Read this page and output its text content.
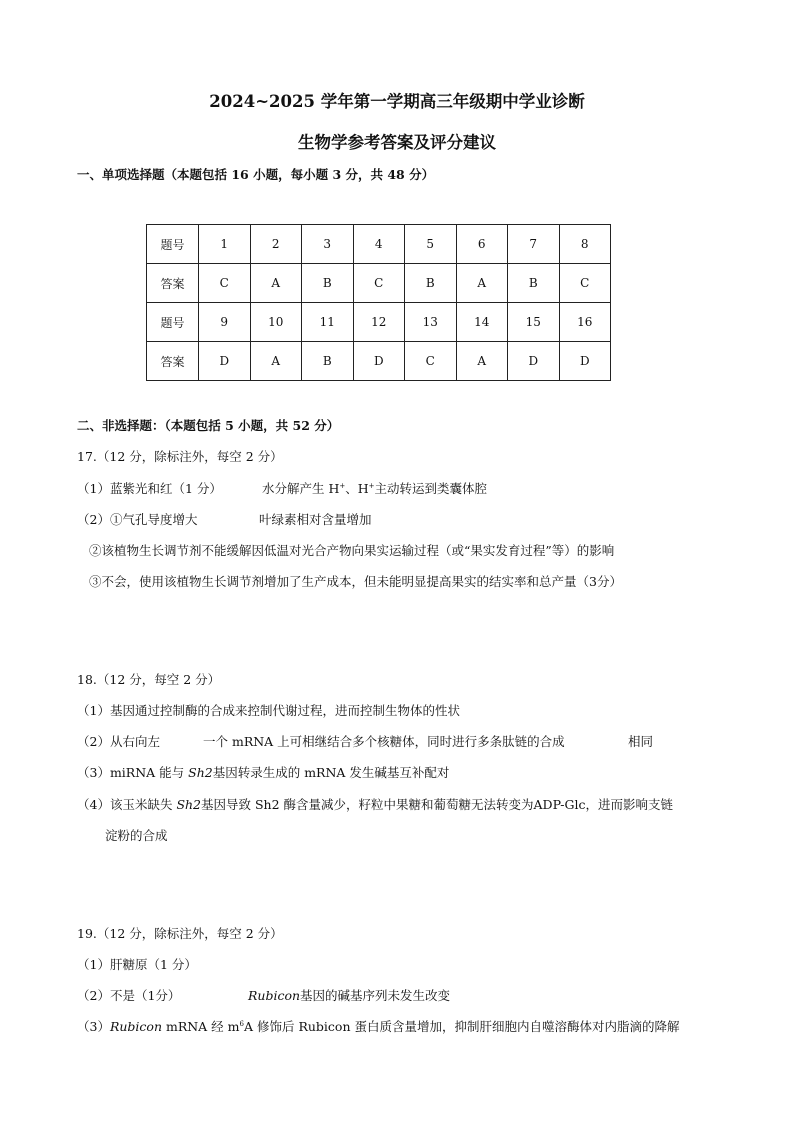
2024~2025 学年第一学期高三年级期中学业诊断
生物学参考答案及评分建议
一、单项选择题（本题包括 16 小题，每小题 3 分，共 48 分）
题号	1	2	3	4	5	6	7	8
答案	C	A	B	C	B	A	B	C
题号	9	10	11	12	13	14	15	16
答案	D	A	B	D	C	A	D	D
二、非选择题：（本题包括 5 小题，共 52 分）
17.（12 分，除标注外，每空 2 分）
（1）蓝紫光和红（1 分）	水分解产生 H+、H+主动转运到类囊体腔
（2）①气孔导度增大	叶绿素相对含量增加
②该植物生长调节剂不能缓解因低温对光合产物向果实运输过程（或“果实发育过程”等）的影响
③不会，使用该植物生长调节剂增加了生产成本，但未能明显提高果实的结实率和总产量（3分）
18.（12 分，每空 2 分）
（1）基因通过控制酶的合成来控制代谢过程，进而控制生物体的性状
（2）从右向左	一个 mRNA 上可相继结合多个核糖体，同时进行多条肽链的合成	相同
（3）miRNA 能与 Sh2基因转录生成的 mRNA 发生碱基互补配对
（4）该玉米缺失 Sh2基因导致 Sh2 酶含量减少，籽粒中果糖和葡萄糖无法转变为ADP-Glc，进而影响支链
淀粉的合成
19.（12 分，除标注外，每空 2 分）
（1）肝糖原（1 分）
（2）不是（1分）	Rubicon基因的碱基序列未发生改变
（3）Rubicon mRNA 经 $m^6A$ 修饰后 Rubicon 蛋白质含量增加，抑制肝细胞内自噬溶酶体对内脂滴的降解
